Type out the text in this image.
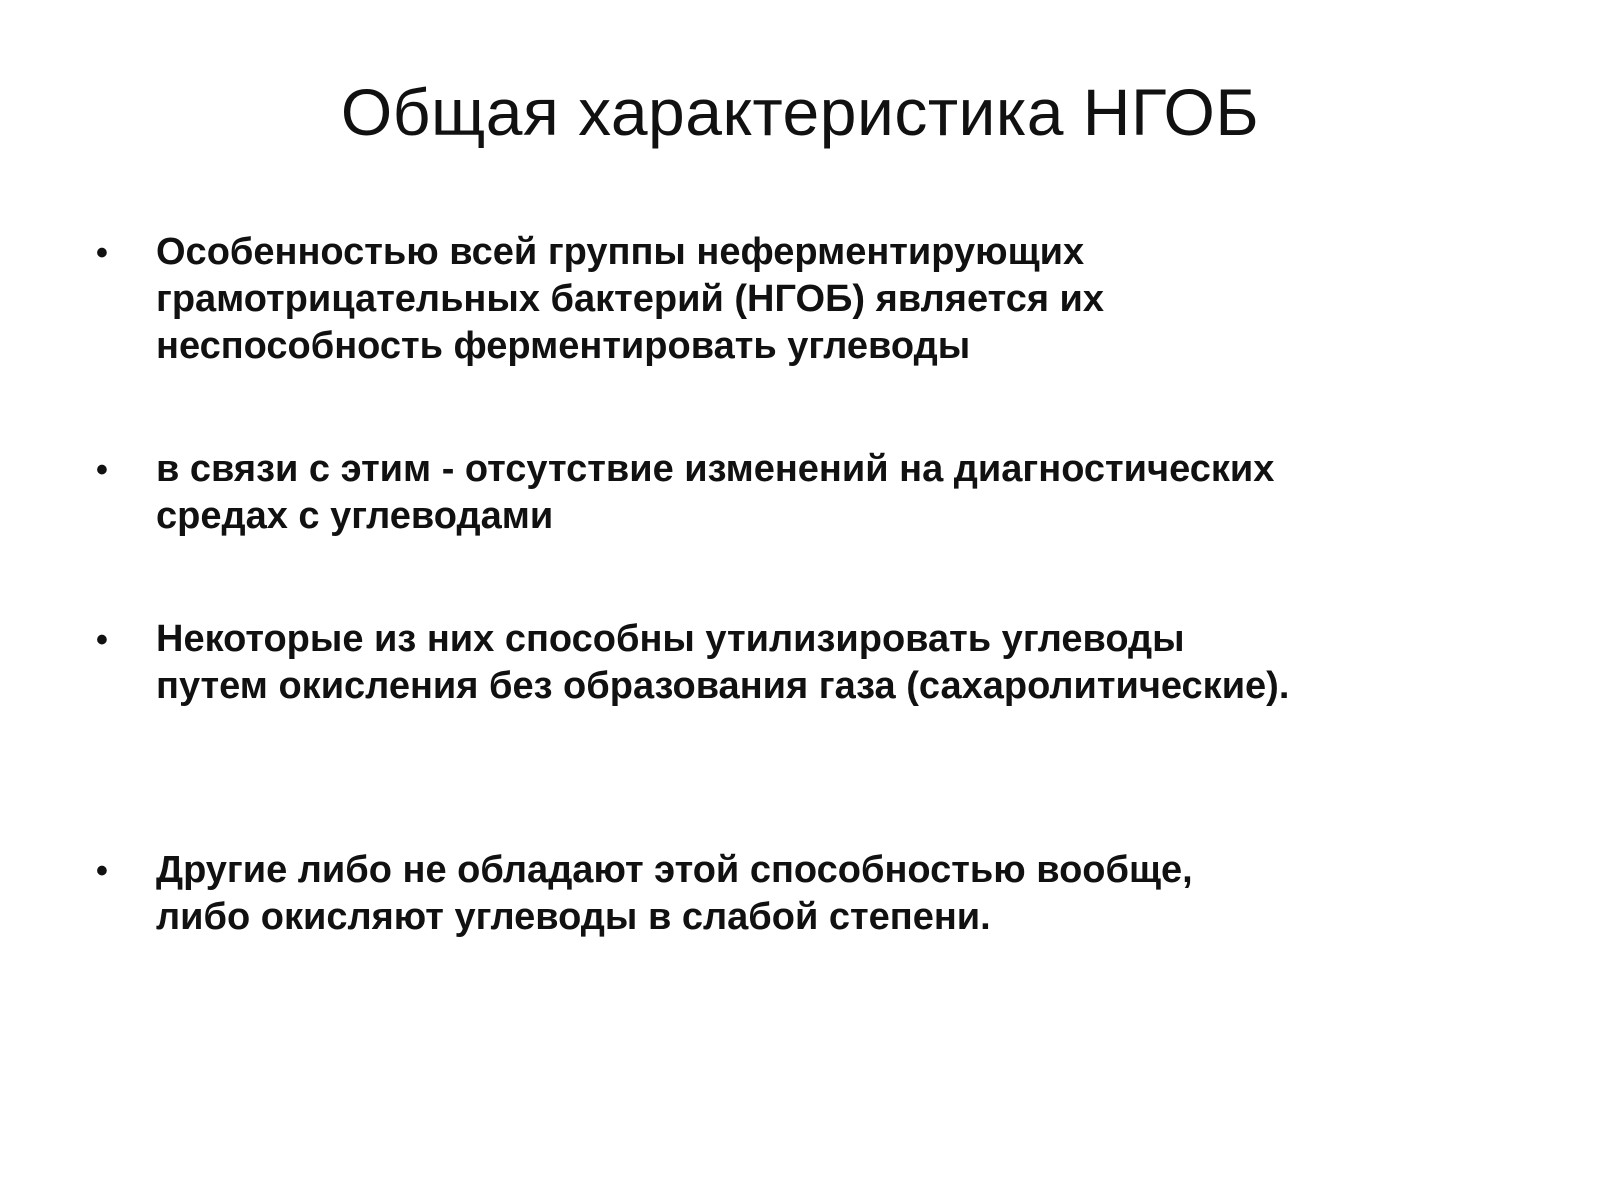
Общая характеристика НГОБ
• Особенностью всей группы неферментирующих
грамотрицательных бактерий (НГОБ) является их
неспособность ферментировать углеводы
• в связи с этим - отсутствие изменений на диагностических
средах с углеводами
• Некоторые из них способны утилизировать углеводы
путем окисления без образования газа (сахаролитические).
• Другие либо не обладают этой способностью вообще,
либо окисляют углеводы в слабой степени.
